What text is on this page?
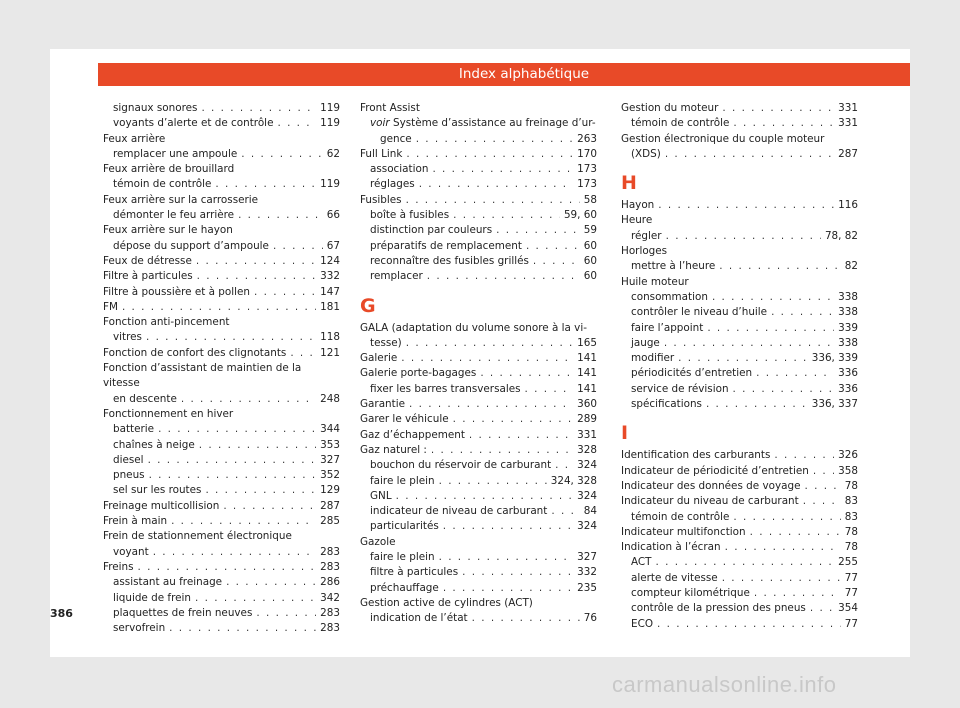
Index alphabétique
signaux sonores . . .	119
voyants d’alerte et de contrôle . . .	119
Feux arrière
remplacer une ampoule . . .	62
Feux arrière de brouillard
témoin de contrôle . . .	119
Feux arrière sur la carrosserie
démonter le feu arrière . . .	66
Feux arrière sur le hayon
dépose du support d’ampoule . . .	67
Feux de détresse . . .	124
Filtre à particules . . .	332
Filtre à poussière et à pollen . . .	147
FM . . .	181
Fonction anti-pincement
vitres . . .	118
Fonction de confort des clignotants . . .	121
Fonction d’assistant de maintien de la vitesse
en descente . . .	248
Fonctionnement en hiver
batterie . . .	344
chaînes à neige . . .	353
diesel . . .	327
pneus . . .	352
sel sur les routes . . .	129
Freinage multicollision . . .	287
Frein à main . . .	285
Frein de stationnement électronique
voyant . . .	283
Freins . . .	283
assistant au freinage . . .	286
liquide de frein . . .	342
plaquettes de frein neuves . . .	283
servofrein . . .	283
Front Assist
voir Système d’assistance au freinage d’ur-
gence . . .	263
Full Link . . .	170
association . . .	173
réglages . . .	173
Fusibles . . .	58
boîte à fusibles . . .	59, 60
distinction par couleurs . . .	59
préparatifs de remplacement . . .	60
reconnaître des fusibles grillés . . .	60
remplacer . . .	60
G
GALA (adaptation du volume sonore à la vi-
tesse) . . .	165
Galerie . . .	141
Galerie porte-bagages . . .	141
fixer les barres transversales . . .	141
Garantie . . .	360
Garer le véhicule . . .	289
Gaz d’échappement . . .	331
Gaz naturel : . . .	328
bouchon du réservoir de carburant . . . 324
faire le plein . . .	324, 328
GNL . . .	324
indicateur de niveau de carburant . . .	84
particularités . . .	324
Gazole
faire le plein . . .	327
filtre à particules . . .	332
préchauffage . . .	235
Gestion active de cylindres (ACT)
indication de l’état . . .	76
Gestion du moteur . . .	331
témoin de contrôle . . .	331
Gestion électronique du couple moteur
(XDS) . . .	287
H
Hayon . . .	116
Heure
régler . . .	78, 82
Horloges
mettre à l’heure . . .	82
Huile moteur
consommation . . .	338
contrôler le niveau d’huile . . .	338
faire l’appoint . . .	339
jauge . . .	338
modifier . . .	336, 339
périodicités d’entretien . . .	336
service de révision . . .	336
spécifications . . .	336, 337
I
Identification des carburants . . .	326
Indicateur de périodicité d’entretien . . .	358
Indicateur des données de voyage . . .	78
Indicateur du niveau de carburant . . .	83
témoin de contrôle . . .	83
Indicateur multifonction . . .	78
Indication à l’écran . . .	78
ACT . . .	255
alerte de vitesse . . .	77
compteur kilométrique . . .	77
contrôle de la pression des pneus . . .	354
ECO . . .	77
386
carmanualsonline.info
